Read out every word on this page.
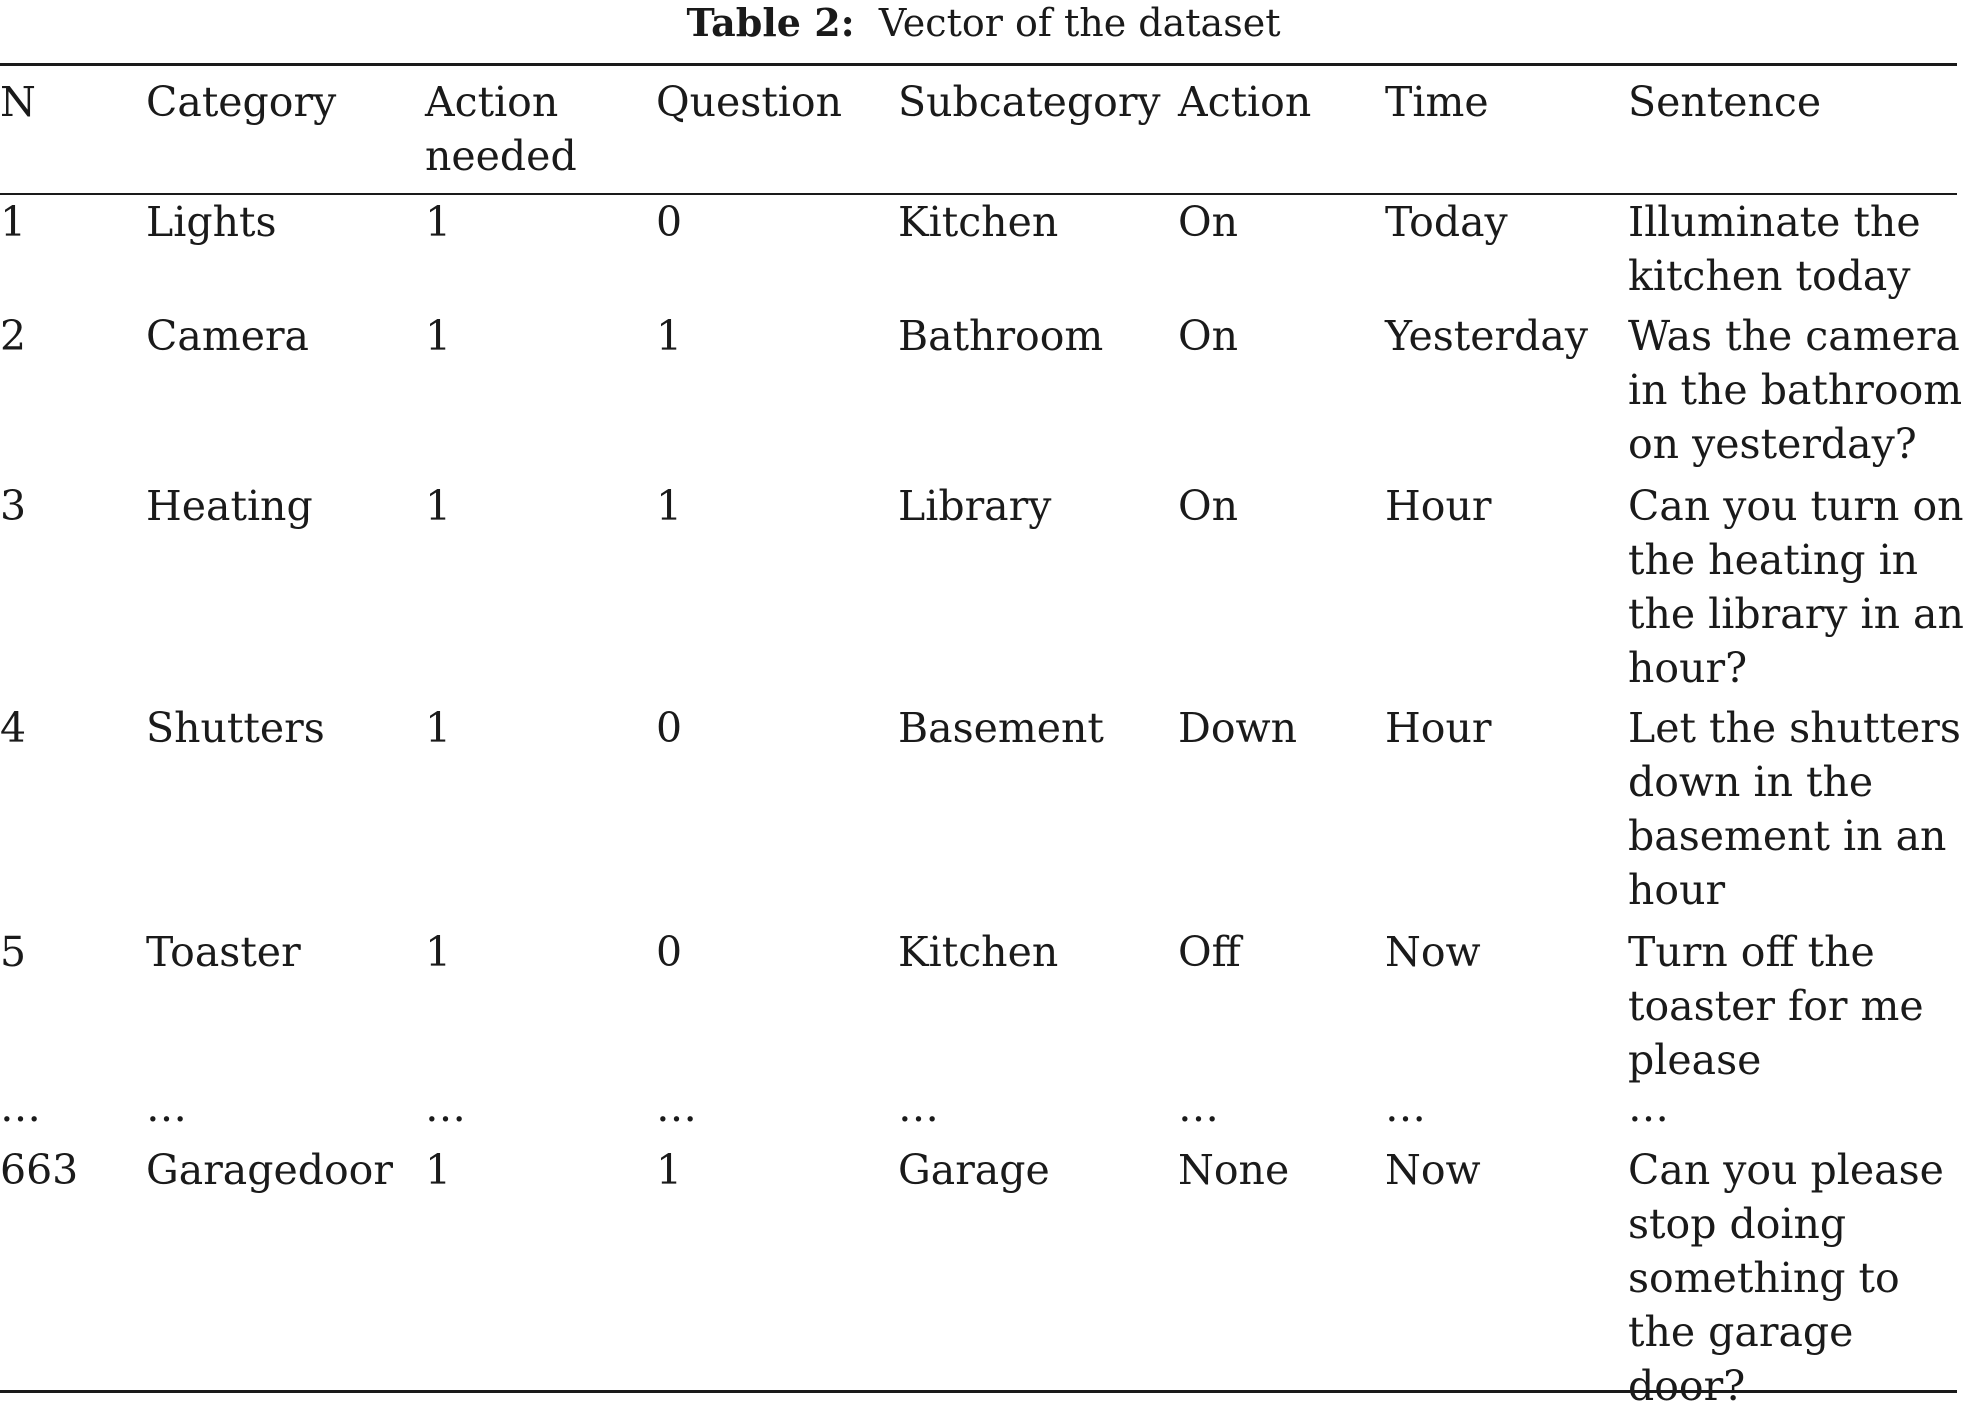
Table 2: Vector of the dataset
N	Category	Action needed	Question	Subcategory	Action	Time	Sentence
1	Lights	1	0	Kitchen	On	Today	Illuminate the kitchen today
2	Camera	1	1	Bathroom	On	Yesterday	Was the camera in the bathroom on yesterday?
3	Heating	1	1	Library	On	Hour	Can you turn on the heating in the library in an hour?
4	Shutters	1	0	Basement	Down	Hour	Let the shutters down in the basement in an hour
5	Toaster	1	0	Kitchen	Off	Now	Turn off the toaster for me please
…	…	…	…	…	…	…	…
663	Garagedoor	1	1	Garage	None	Now	Can you please stop doing something to the garage door?
